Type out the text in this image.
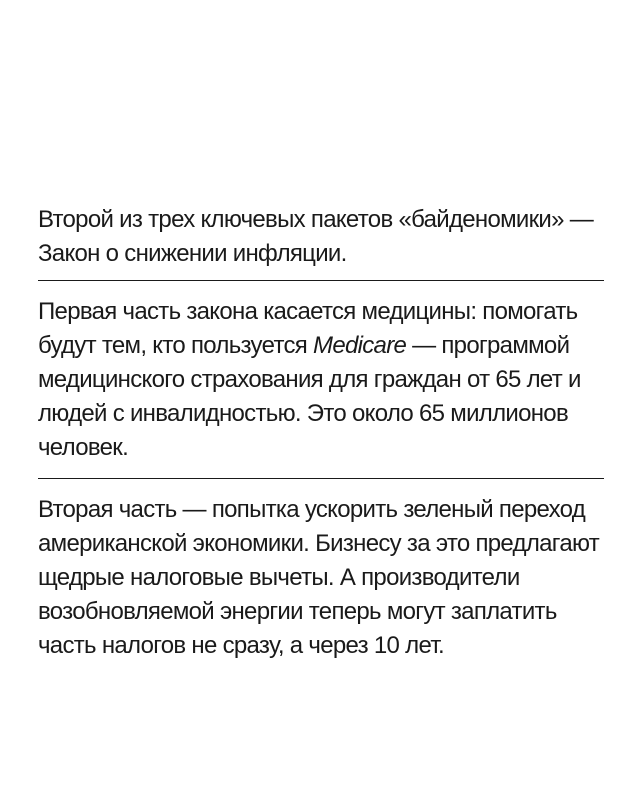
Второй из трех ключевых пакетов «байденомики» — Закон о снижении инфляции.

Первая часть закона касается медицины: помогать будут тем, кто пользуется Medicare — программой медицинского страхования для граждан от 65 лет и людей с инвалидностью. Это около 65 миллионов человек.

Вторая часть — попытка ускорить зеленый переход американской экономики. Бизнесу за это предлагают щедрые налоговые вычеты. А производители возобновляемой энергии теперь могут заплатить часть налогов не сразу, а через 10 лет.
